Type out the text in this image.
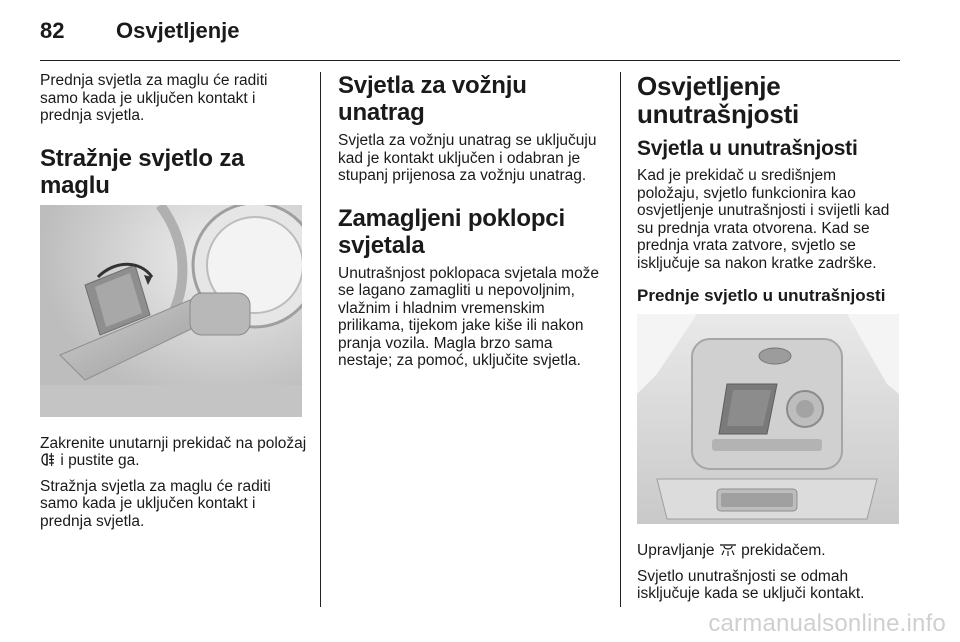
82 Osvjetljenje

Prednja svjetla za maglu će raditi samo kada je uključen kontakt i prednja svjetla.

Stražnje svjetlo za maglu

Zakrenite unutarnji prekidač na položaj  i pustite ga.

Stražnja svjetla za maglu će raditi samo kada je uključen kontakt i prednja svjetla.

Svjetla za vožnju unatrag

Svjetla za vožnju unatrag se uključuju kad je kontakt uključen i odabran je stupanj prijenosa za vožnju unatrag.

Zamagljeni poklopci svjetala

Unutrašnjost poklopaca svjetala može se lagano zamagliti u nepovoljnim, vlažnim i hladnim vremenskim prilikama, tijekom jake kiše ili nakon pranja vozila. Magla brzo sama nestaje; za pomoć, uključite svjetla.

Osvjetljenje unutrašnjosti
Svjetla u unutrašnjosti

Kad je prekidač u središnjem položaju, svjetlo funkcionira kao osvjetljenje unutrašnjosti i svijetli kad su prednja vrata otvorena. Kad se prednja vrata zatvore, svjetlo se isključuje sa nakon kratke zadrške.

Prednje svjetlo u unutrašnjosti

Upravljanje prekidačem.

Svjetlo unutrašnjosti se odmah isključuje kada se uključi kontakt.

carmanualsonline.info
